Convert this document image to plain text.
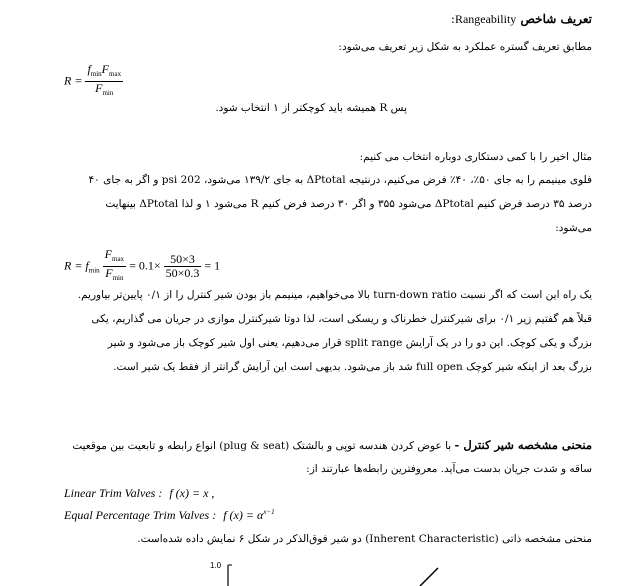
تعریف شاخص Rangeability:
مطابق تعریف گستره عملکرد به شکل زیر تعریف می‌شود:
$R = \frac{f_{min}F_{max}}{F_{min}}$
پس R همیشه باید کوچکتر از ۱ انتخاب شود.
مثال اخیر را با کمی دستکاری دوباره انتخاب می کنیم:
فلوی مینیمم را به جای ۵۰٪، ۴۰٪ فرض می‌کنیم، درنتیجه ΔPtotal به جای ۱۳۹/۲ می‌شود، 202 psi و اگر به جای ۴۰
درصد ۳۵ درصد فرض کنیم ΔPtotal می‌شود ۳۵۵ و اگر ۳۰ درصد فرض کنیم R می‌شود ۱ و لذا ΔPtotal بینهایت
می‌شود:
$R = f_{min} \frac{F_{max}}{F_{min}} = 0.1\times \frac{50\times 3}{50\times 0.3} = 1$
یک راه این است که اگر نسبت turn-down ratio بالا می‌خواهیم، مینیمم باز بودن شیر کنترل را از ۰/۱ پایین‌تر بیاوریم.
قبلاً هم گفتیم زیر ۰/۱ برای شیرکنترل خطرناک و ریسکی است، لذا دوتا شیرکنترل موازی در جریان می گذاریم، یکی
بزرگ و یکی کوچک. این دو را در یک آرایش split range قرار می‌دهیم، یعنی اول شیر کوچک باز می‌شود و شیر
بزرگ بعد از اینکه شیر کوچک full open شد باز می‌شود. بدیهی است این آرایش گرانتر از فقط یک شیر است.
منحنی مشخصه شیر کنترل - با عوض کردن هندسه توپی و بالشتک (plug & seat) انواع رابطه و تابعیت بین موقعیت
ساقه و شدت جریان بدست می‌آید. معروفترین رابطه‌ها عبارتند از:
Linear Trim Valves : f (x) = x ,
Equal Percentage Trim Valves : f $(x) = \alpha^{x-1}$
منحنی مشخصه ذاتی (Inherent Characteristic) دو شیر فوق‌الذکر در شکل ۶ نمایش داده شده‌است.
1.0
